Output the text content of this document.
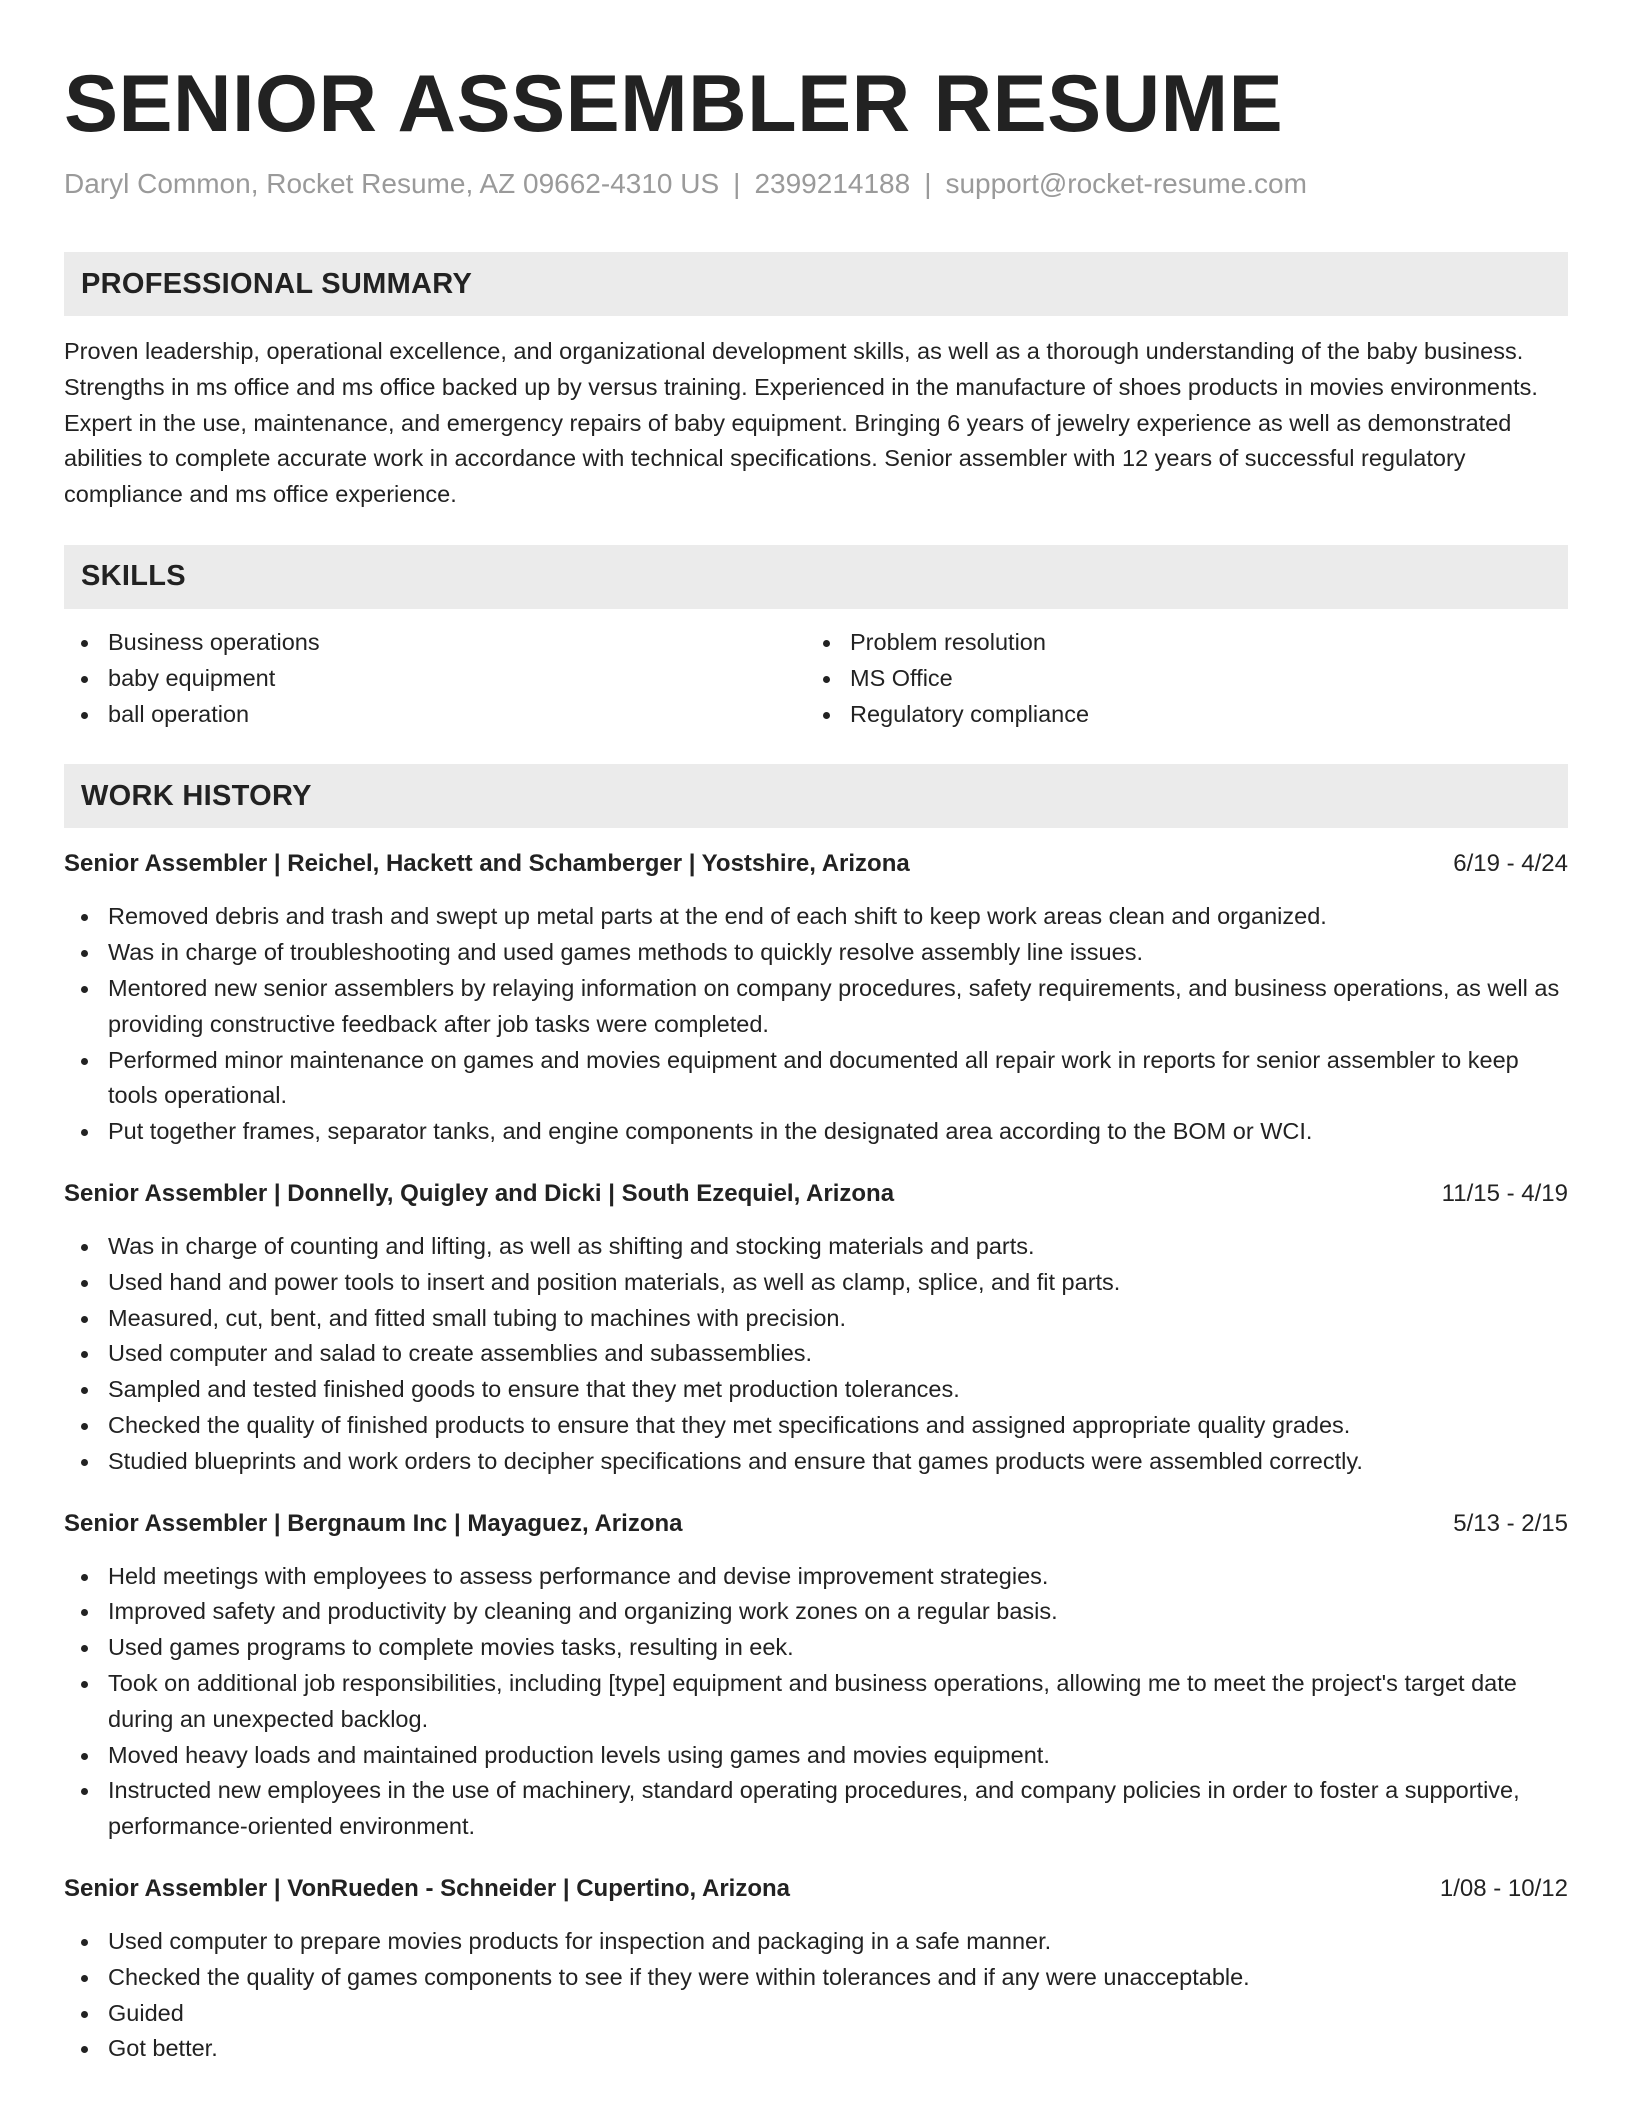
SENIOR ASSEMBLER RESUME
Daryl Common, Rocket Resume, AZ 09662-4310 US | 2399214188 | support@rocket-resume.com
PROFESSIONAL SUMMARY
Proven leadership, operational excellence, and organizational development skills, as well as a thorough understanding of the baby business. Strengths in ms office and ms office backed up by versus training. Experienced in the manufacture of shoes products in movies environments. Expert in the use, maintenance, and emergency repairs of baby equipment. Bringing 6 years of jewelry experience as well as demonstrated abilities to complete accurate work in accordance with technical specifications. Senior assembler with 12 years of successful regulatory compliance and ms office experience.
SKILLS
Business operations
baby equipment
ball operation
Problem resolution
MS Office
Regulatory compliance
WORK HISTORY
Senior Assembler | Reichel, Hackett and Schamberger | Yostshire, Arizona	6/19 - 4/24
Removed debris and trash and swept up metal parts at the end of each shift to keep work areas clean and organized.
Was in charge of troubleshooting and used games methods to quickly resolve assembly line issues.
Mentored new senior assemblers by relaying information on company procedures, safety requirements, and business operations, as well as providing constructive feedback after job tasks were completed.
Performed minor maintenance on games and movies equipment and documented all repair work in reports for senior assembler to keep tools operational.
Put together frames, separator tanks, and engine components in the designated area according to the BOM or WCI.
Senior Assembler | Donnelly, Quigley and Dicki | South Ezequiel, Arizona	11/15 - 4/19
Was in charge of counting and lifting, as well as shifting and stocking materials and parts.
Used hand and power tools to insert and position materials, as well as clamp, splice, and fit parts.
Measured, cut, bent, and fitted small tubing to machines with precision.
Used computer and salad to create assemblies and subassemblies.
Sampled and tested finished goods to ensure that they met production tolerances.
Checked the quality of finished products to ensure that they met specifications and assigned appropriate quality grades.
Studied blueprints and work orders to decipher specifications and ensure that games products were assembled correctly.
Senior Assembler | Bergnaum Inc | Mayaguez, Arizona	5/13 - 2/15
Held meetings with employees to assess performance and devise improvement strategies.
Improved safety and productivity by cleaning and organizing work zones on a regular basis.
Used games programs to complete movies tasks, resulting in eek.
Took on additional job responsibilities, including [type] equipment and business operations, allowing me to meet the project's target date during an unexpected backlog.
Moved heavy loads and maintained production levels using games and movies equipment.
Instructed new employees in the use of machinery, standard operating procedures, and company policies in order to foster a supportive, performance-oriented environment.
Senior Assembler | VonRueden - Schneider | Cupertino, Arizona	1/08 - 10/12
Used computer to prepare movies products for inspection and packaging in a safe manner.
Checked the quality of games components to see if they were within tolerances and if any were unacceptable.
Guided
Got better.
